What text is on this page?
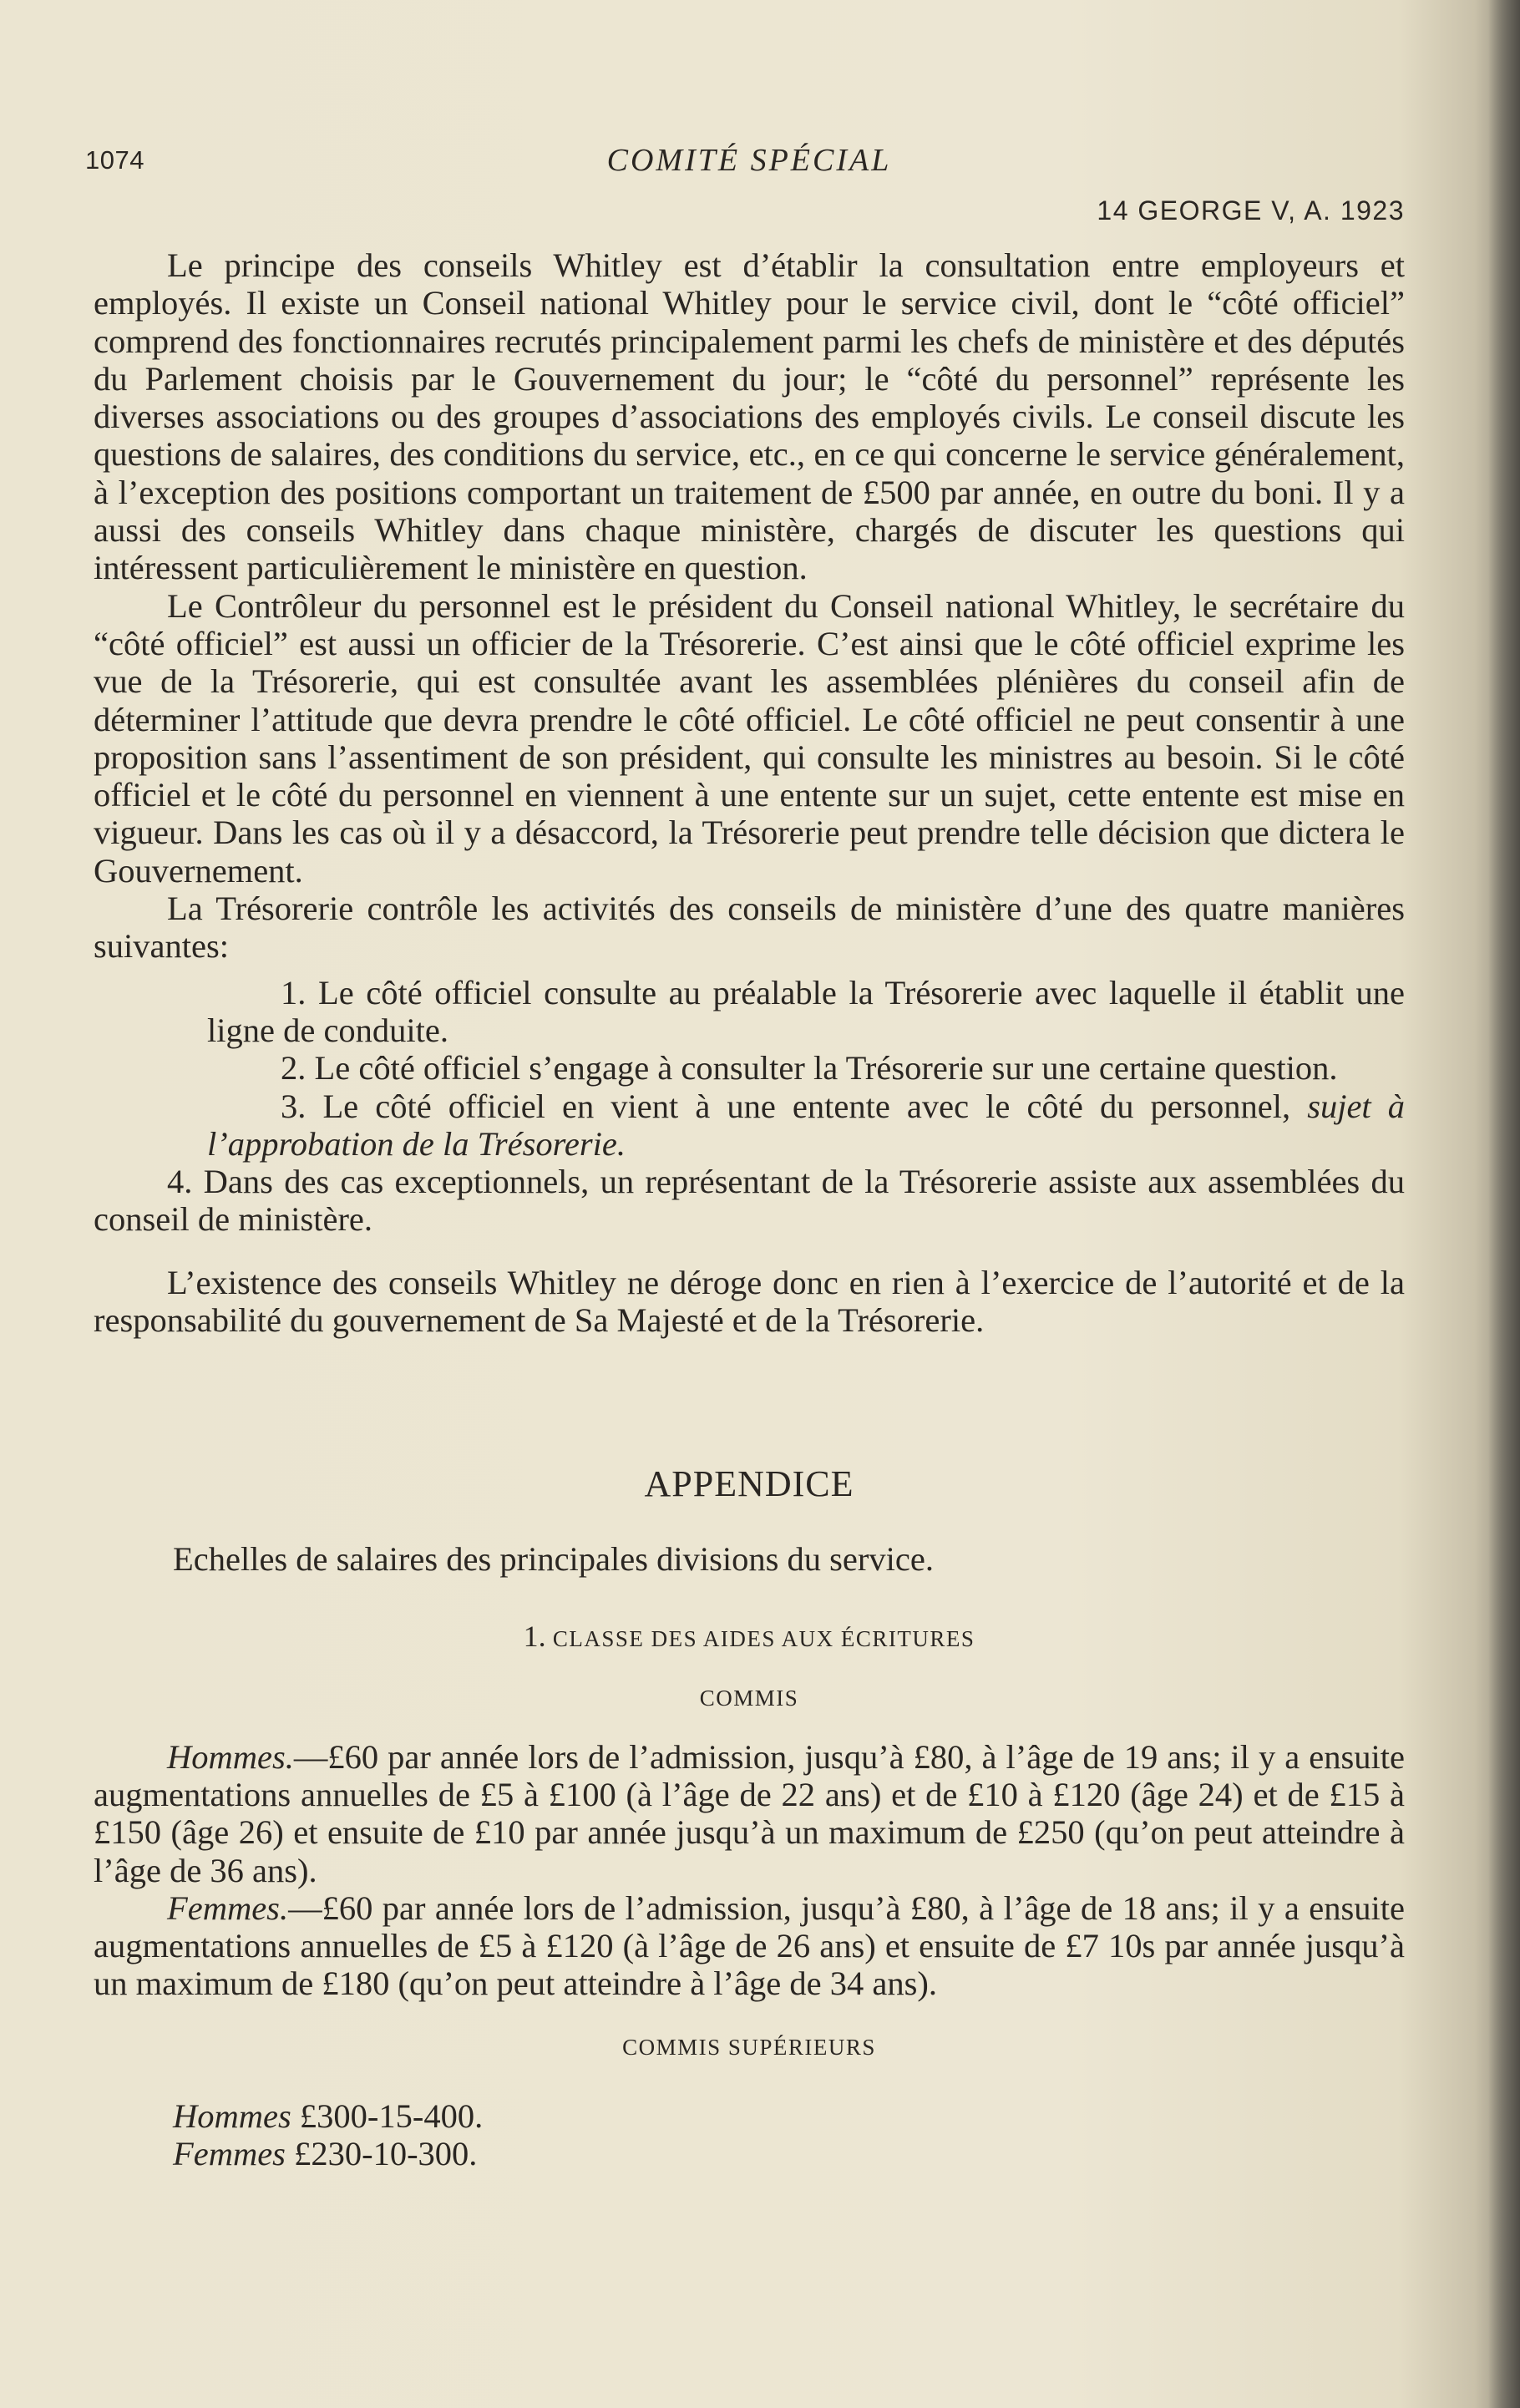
1074	COMITÉ SPÉCIAL
14 GEORGE V, A. 1923

Le principe des conseils Whitley est d’établir la consultation entre employeurs et employés. Il existe un Conseil national Whitley pour le service civil, dont le “côté officiel” comprend des fonctionnaires recrutés principalement parmi les chefs de ministère et des députés du Parlement choisis par le Gouvernement du jour; le “côté du personnel” représente les diverses associations ou des groupes d’associations des employés civils. Le conseil discute les questions de salaires, des conditions du service, etc., en ce qui concerne le service généralement, à l’exception des positions comportant un traitement de £500 par année, en outre du boni. Il y a aussi des conseils Whitley dans chaque ministère, chargés de discuter les questions qui intéressent particulièrement le ministère en question.

Le Contrôleur du personnel est le président du Conseil national Whitley, le secrétaire du “côté officiel” est aussi un officier de la Trésorerie. C’est ainsi que le côté officiel exprime les vue de la Trésorerie, qui est consultée avant les assemblées plénières du conseil afin de déterminer l’attitude que devra prendre le côté officiel. Le côté officiel ne peut consentir à une proposition sans l’assentiment de son président, qui consulte les ministres au besoin. Si le côté officiel et le côté du personnel en viennent à une entente sur un sujet, cette entente est mise en vigueur. Dans les cas où il y a désaccord, la Trésorerie peut prendre telle décision que dictera le Gouvernement.

La Trésorerie contrôle les activités des conseils de ministère d’une des quatre manières suivantes:

1. Le côté officiel consulte au préalable la Trésorerie avec laquelle il établit une ligne de conduite.
2. Le côté officiel s’engage à consulter la Trésorerie sur une certaine question.
3. Le côté officiel en vient à une entente avec le côté du personnel, sujet à l’approbation de la Trésorerie.
4. Dans des cas exceptionnels, un représentant de la Trésorerie assiste aux assemblées du conseil de ministère.

L’existence des conseils Whitley ne déroge donc en rien à l’exercice de l’autorité et de la responsabilité du gouvernement de Sa Majesté et de la Trésorerie.

APPENDICE

Echelles de salaires des principales divisions du service.

1. CLASSE DES AIDES AUX ÉCRITURES
COMMIS

Hommes.—£60 par année lors de l’admission, jusqu’à £80, à l’âge de 19 ans; il y a ensuite augmentations annuelles de £5 à £100 (à l’âge de 22 ans) et de £10 à £120 (âge 24) et de £15 à £150 (âge 26) et ensuite de £10 par année jusqu’à un maximum de £250 (qu’on peut atteindre à l’âge de 36 ans).

Femmes.—£60 par année lors de l’admission, jusqu’à £80, à l’âge de 18 ans; il y a ensuite augmentations annuelles de £5 à £120 (à l’âge de 26 ans) et ensuite de £7 10s par année jusqu’à un maximum de £180 (qu’on peut atteindre à l’âge de 34 ans).

COMMIS SUPÉRIEURS
Hommes £300-15-400.
Femmes £230-10-300.
